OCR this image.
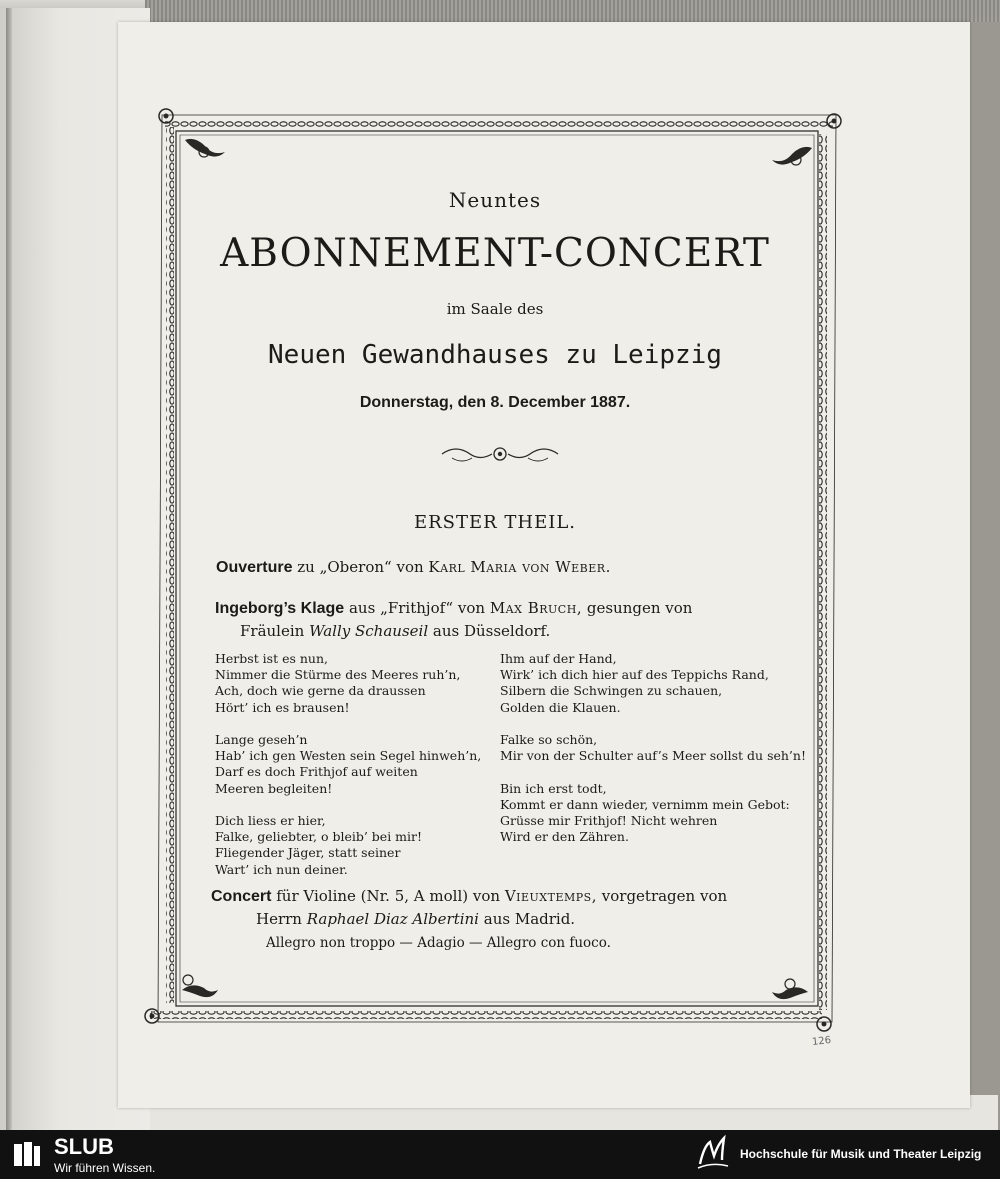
Neuntes
ABONNEMENT-CONCERT
im Saale des
Neuen Gewandhauses zu Leipzig
Donnerstag, den 8. December 1887.
ERSTER THEIL.
Ouverture zu „Oberon“ von Karl Maria von Weber.
Ingeborg’s Klage aus „Frithjof“ von Max Bruch, gesungen von
Fräulein Wally Schauseil aus Düsseldorf.
Herbst ist es nun,
Nimmer die Stürme des Meeres ruh’n,
Ach, doch wie gerne da draussen
Hört’ ich es brausen!

Lange geseh’n
Hab’ ich gen Westen sein Segel hinweh’n,
Darf es doch Frithjof auf weiten
Meeren begleiten!

Dich liess er hier,
Falke, geliebter, o bleib’ bei mir!
Fliegender Jäger, statt seiner
Wart’ ich nun deiner.
Ihm auf der Hand,
Wirk’ ich dich hier auf des Teppichs Rand,
Silbern die Schwingen zu schauen,
Golden die Klauen.

Falke so schön,
Mir von der Schulter auf’s Meer sollst du seh’n!

Bin ich erst todt,
Kommt er dann wieder, vernimm mein Gebot:
Grüsse mir Frithjof! Nicht wehren
Wird er den Zähren.
Concert für Violine (Nr. 5, A moll) von Vieuxtemps, vorgetragen von
Herrn Raphael Diaz Albertini aus Madrid.
Allegro non troppo — Adagio — Allegro con fuoco.
126
SLUB
Wir führen Wissen.
Hochschule für Musik und Theater Leipzig
